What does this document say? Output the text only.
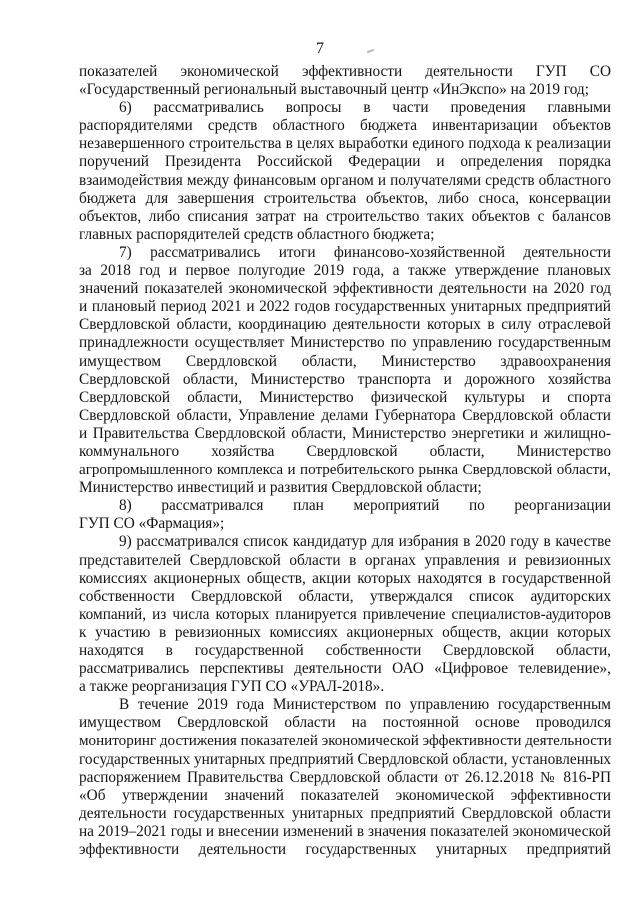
7
показателей экономической эффективности деятельности ГУП СО
«Государственный региональный выставочный центр «ИнЭкспо» на 2019 год;
6) рассматривались вопросы в части проведения главными
распорядителями средств областного бюджета инвентаризации объектов
незавершенного строительства в целях выработки единого подхода к реализации
поручений Президента Российской Федерации и определения порядка
взаимодействия между финансовым органом и получателями средств областного
бюджета для завершения строительства объектов, либо сноса, консервации
объектов, либо списания затрат на строительство таких объектов с балансов
главных распорядителей средств областного бюджета;
7) рассматривались итоги финансово-хозяйственной деятельности
за 2018 год и первое полугодие 2019 года, а также утверждение плановых
значений показателей экономической эффективности деятельности на 2020 год
и плановый период 2021 и 2022 годов государственных унитарных предприятий
Свердловской области, координацию деятельности которых в силу отраслевой
принадлежности осуществляет Министерство по управлению государственным
имуществом Свердловской области, Министерство здравоохранения
Свердловской области, Министерство транспорта и дорожного хозяйства
Свердловской области, Министерство физической культуры и спорта
Свердловской области, Управление делами Губернатора Свердловской области
и Правительства Свердловской области, Министерство энергетики и жилищно-
коммунального хозяйства Свердловской области, Министерство
агропромышленного комплекса и потребительского рынка Свердловской области,
Министерство инвестиций и развития Свердловской области;
8) рассматривался план мероприятий по реорганизации
ГУП СО «Фармация»;
9) рассматривался список кандидатур для избрания в 2020 году в качестве
представителей Свердловской области в органах управления и ревизионных
комиссиях акционерных обществ, акции которых находятся в государственной
собственности Свердловской области, утверждался список аудиторских
компаний, из числа которых планируется привлечение специалистов-аудиторов
к участию в ревизионных комиссиях акционерных обществ, акции которых
находятся в государственной собственности Свердловской области,
рассматривались перспективы деятельности ОАО «Цифровое телевидение»,
а также реорганизация ГУП СО «УРАЛ-2018».
В течение 2019 года Министерством по управлению государственным
имуществом Свердловской области на постоянной основе проводился
мониторинг достижения показателей экономической эффективности деятельности
государственных унитарных предприятий Свердловской области, установленных
распоряжением Правительства Свердловской области от 26.12.2018 № 816-РП
«Об утверждении значений показателей экономической эффективности
деятельности государственных унитарных предприятий Свердловской области
на 2019–2021 годы и внесении изменений в значения показателей экономической
эффективности деятельности государственных унитарных предприятий
